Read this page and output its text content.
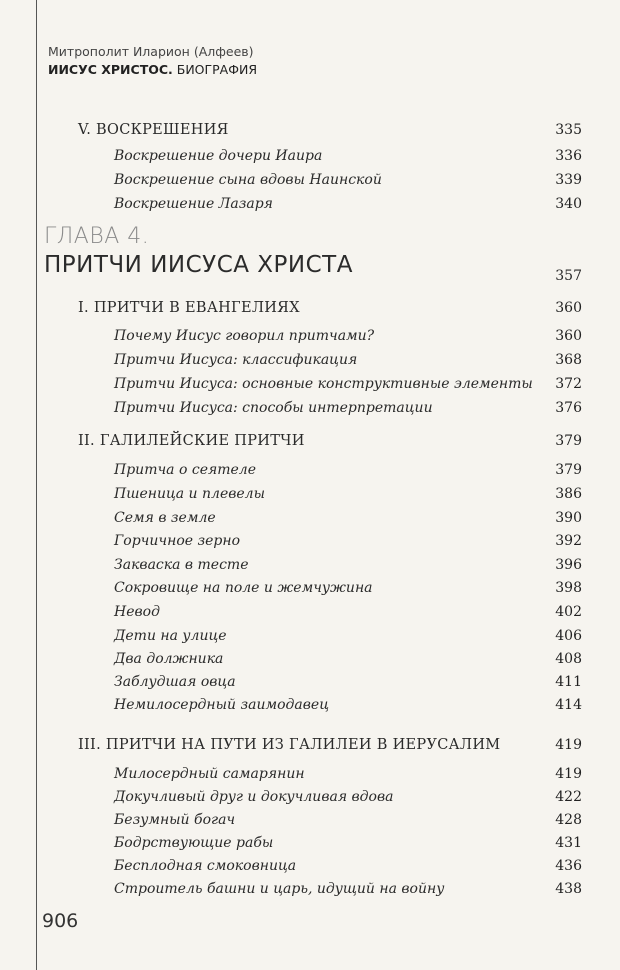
Митрополит Иларион (Алфеев)
ИИСУС ХРИСТОС. БИОГРАФИЯ
V. ВОСКРЕШЕНИЯ	335
Воскрешение дочери Иаира	336
Воскрешение сына вдовы Наинской	339
Воскрешение Лазаря	340
ГЛАВА 4.
ПРИТЧИ ИИСУСА ХРИСТА	357
I. ПРИТЧИ В ЕВАНГЕЛИЯХ	360
Почему Иисус говорил притчами?	360
Притчи Иисуса: классификация	368
Притчи Иисуса: основные конструктивные элементы 372
Притчи Иисуса: способы интерпретации	376
II. ГАЛИЛЕЙСКИЕ ПРИТЧИ	379
Притча о сеятеле	379
Пшеница и плевелы	386
Семя в земле	390
Горчичное зерно	392
Закваска в тесте	396
Сокровище на поле и жемчужина	398
Невод	402
Дети на улице	406
Два должника	408
Заблудшая овца	411
Немилосердный заимодавец	414
III. ПРИТЧИ НА ПУТИ ИЗ ГАЛИЛЕИ В ИЕРУСАЛИМ	419
Милосердный самарянин	419
Докучливый друг и докучливая вдова	422
Безумный богач	428
Бодрствующие рабы	431
Бесплодная смоковница	436
Строитель башни и царь, идущий на войну	438
906
